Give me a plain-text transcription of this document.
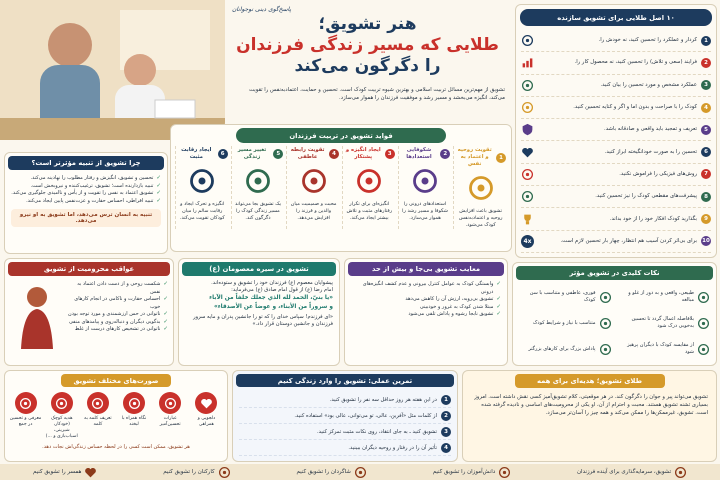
پاسخ‌گوی دینی نوجوانان
هنر تشویق؛
طلایی که مسیر زندگی فرزندان
را دگرگون می‌کند
تشویق از مهم‌ترین مسائل تربیت اسلامی و بهترین شیوه تربیت کودک است. تحسین و حمایت، اعتمادبه‌نفس را تقویت می‌کند، انگیزه می‌بخشد و مسیر رشد و موفقیت فرزندان را هموار می‌سازد.
۱۰ اصل طلایی برای تشویق سازنده
1
کردار و عملکرد را تحسین کنید، نه خودش را.
2
فرایند (سعی و تلاش) را تحسین کنید، نه محصول کار را.
3
عملکرد مشخص و مورد تحسین را بیان کنید.
4
کودک را با صراحت و بدون اما و اگر و کنایه تحسین کنید.
5
تعریف و تمجید باید واقعی و صادقانه باشد.
6
تحسین را به صورت خودانگیخته ابراز کنید.
7
روش‌های فیزیکی را فراموش نکنید.
8
پیشرفت‌های مقطعی کودک را نیز تحسین کنید.
9
بگذارید کودک افکار خود را از خود بداند.
10
برای بی‌اثر کردن آسیب هم انتظار، چهار بار تحسین لازم است.
4x
فواید تشویق در تربیت فرزندان
1
تقویت روحیه و اعتماد به نفس
تشویق باعث افزایش روحیه و اعتمادبه‌نفس کودک می‌شود.
2
شکوفایی استعدادها
استعدادهای درونی را شکوفا و مسیر رشد را هموار می‌سازد.
3
ایجاد انگیزه و پشتکار
انگیزه‌ای برای تکرار رفتارهای مثبت و تلاش بیشتر ایجاد می‌کند.
4
تقویت رابطه عاطفی
محبت و صمیمیت میان والدین و فرزند را افزایش می‌دهد.
5
تغییر مسیر زندگی
یک تشویق بجا می‌تواند مسیر زندگی کودک را دگرگون کند.
6
ایجاد رقابت مثبت
انگیزه و تحرک ایجاد و رقابت سالم را میان کودکان تقویت می‌کند.
چرا تشویق از تنبیه مؤثرتر است؟
✓ تحسین و تشویق، انگیزش و رفتار مطلوب را نهادینه می‌کند.
✓ تنبیه بازدارنده است؛ تشویق، ترغیب‌کننده و نیروبخش است.
✓ تشویق اعتماد به نفس را تقویت و از یأس و ناامیدی جلوگیری می‌کند.
✓ تنبیه افراطی، احساس حقارت و عزت‌نفس پایین ایجاد می‌کند.
تنبیه به انسان ترس می‌دهد، اما تشویق به او نیرو می‌دهد.
عواقب محرومیت از تشویق
✓ شکست روحی و از دست دادن اعتماد به نفس
✓ احساس حقارت و ناکامی در انجام کارهای خوب
✓ ناتوانی در حس ارزشمندی و مورد توجه بودن
✓ بدگویی دیگران و دنباله‌روی و پیامدهای منفی
✓ ناتوانی در تشخیص کارهای درست از غلط
تشویق در سیره معصومان (ع)
پیشوایان معصوم (ع) فرزندان خود را تشویق و ستوده‌اند.
امام رضا (ع) از قول امام صادق (ع) می‌فرماید:
«يا بنيّ، الحمد لله الذي جعلك خلفاً من الآباء
و سروراً من الأبناء، و عوضاً عن الأصدقاء»
«ای فرزندم! سپاس خدای را که تو را جانشین پدران و مایه سرور فرزندان و جانشین دوستان قرار داد.»
معایب تشویق بی‌جا و بیش از حد
✓ وابستگی کودک به عوامل کنترل بیرونی و عدم کشف انگیزه‌های درونی
✓ تشویق بی‌رویه، ارزش آن را کاهش می‌دهد
✓ مبتلا شدن کودک به غرور و خودبینی
✓ تشویق نابجا رشوه و پاداش تلقی می‌شود
نکات کلیدی در تشویق مؤثر
طبیعی، واقعی و به دور از غلو و مبالغه
فوری، عاطفی و متناسب با سن کودک
بلافاصله اعمال گردد تا تحسین به‌خوبی درک شود
متناسب با نیاز و شرایط کودک
از مقایسه کودک با دیگران پرهیز شود
پاداش بزرگ برای کارهای بزرگتر
صورت‌های مختلف تشویق
دلجویی و همراهی
عبارات تحسین‌آمیز
نگاه همراه با لبخند
تعریف کلمه به کلمه
هدیه کوچک (خودکار، شیرینی، اسباب‌بازی و ...)
معرفی و تحسین در جمع
هر تشویق، ممکن است کسی را در لحظه حساس زندگی‌اش نجات دهد.
تمرین عملی: تشویق را وارد زندگی کنیم
1
در این هفته هر روز حداقل سه نفر را تشویق کنید.
2
از کلمات مثل «آفرین، عالی، تو می‌توانی، عالی بود» استفاده کنید.
3
تشویق کنید ـ به جای انتقاد، روی نکات مثبت تمرکز کنید.
4
تأثیر آن را در رفتار و روحیه دیگران ببینید.
طلای تشویق؛ هدیه‌ای برای همه
تشویق می‌تواند پیر و جوان را دگرگون کند. در هر موقعیتی، کلام تشویق‌آمیز کسی نقش داشته است. امروز بسیاری تشنه تشویق هستند. محبت و احترام از آن، او یکی از محرومیت‌های اساسی و نادیده گرفته شده است. تشویق، غیرممکن‌ها را ممکن می‌کند و همه چیز را آسان‌تر می‌سازد.
تشویق، سرمایه‌گذاری برای آینده فرزندان
دانش‌آموزان را تشویق کنیم
شاگردان را تشویق کنیم
کارکنان را تشویق کنیم
همسر را تشویق کنیم
